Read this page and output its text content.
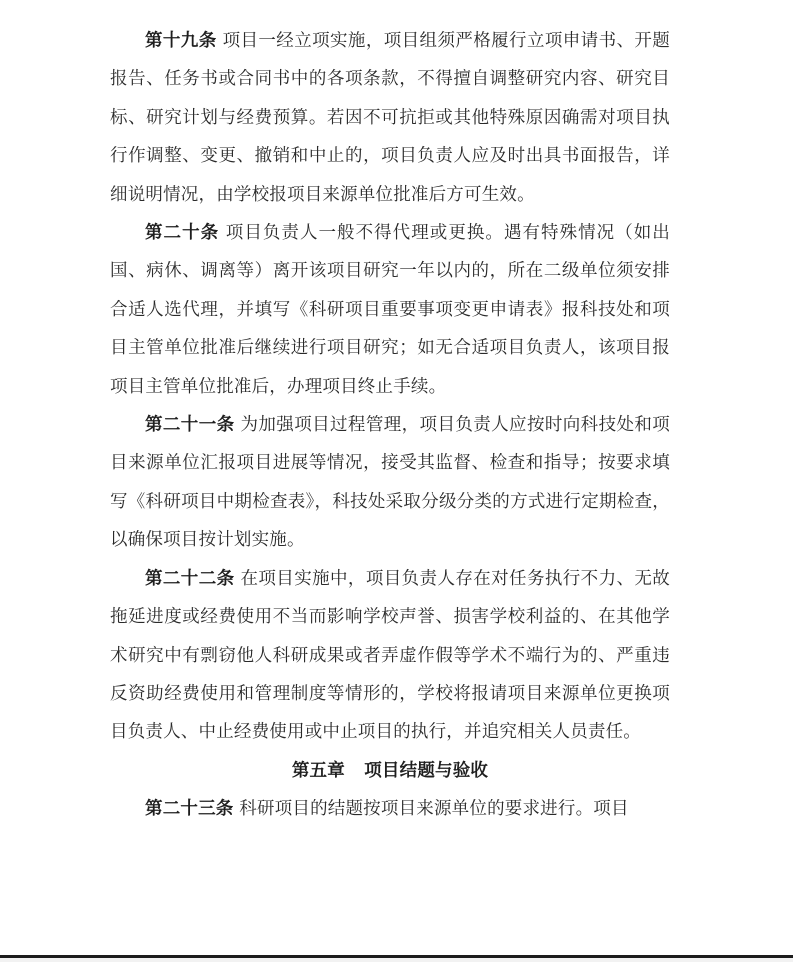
第十九条 项目一经立项实施，项目组须严格履行立项申请书、开题报告、任务书或合同书中的各项条款，不得擅自调整研究内容、研究目标、研究计划与经费预算。若因不可抗拒或其他特殊原因确需对项目执行作调整、变更、撤销和中止的，项目负责人应及时出具书面报告，详细说明情况，由学校报项目来源单位批准后方可生效。

第二十条 项目负责人一般不得代理或更换。遇有特殊情况（如出国、病休、调离等）离开该项目研究一年以内的，所在二级单位须安排合适人选代理，并填写《科研项目重要事项变更申请表》报科技处和项目主管单位批准后继续进行项目研究；如无合适项目负责人，该项目报项目主管单位批准后，办理项目终止手续。

第二十一条 为加强项目过程管理，项目负责人应按时向科技处和项目来源单位汇报项目进展等情况，接受其监督、检查和指导；按要求填写《科研项目中期检查表》，科技处采取分级分类的方式进行定期检查，以确保项目按计划实施。

第二十二条 在项目实施中，项目负责人存在对任务执行不力、无故拖延进度或经费使用不当而影响学校声誉、损害学校利益的、在其他学术研究中有剽窃他人科研成果或者弄虚作假等学术不端行为的、严重违反资助经费使用和管理制度等情形的，学校将报请项目来源单位更换项目负责人、中止经费使用或中止项目的执行，并追究相关人员责任。

第五章 项目结题与验收

第二十三条 科研项目的结题按项目来源单位的要求进行。项目
